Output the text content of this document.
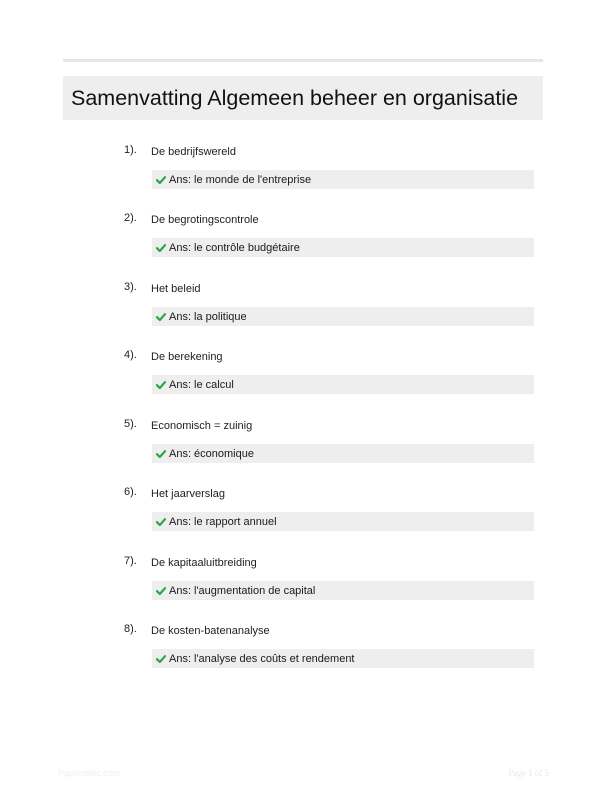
Samenvatting Algemeen beheer en organisatie
1). De bedrijfswereld
Ans: le monde de l'entreprise
2). De begrotingscontrole
Ans: le contrôle budgétaire
3). Het beleid
Ans: la politique
4). De berekening
Ans: le calcul
5). Economisch = zuinig
Ans: économique
6). Het jaarverslag
Ans: le rapport annuel
7). De kapitaaluitbreiding
Ans: l'augmentation de capital
8). De kosten-batenanalyse
Ans: l'analyse des coûts et rendement
Paperdibic.com	Page 1 of 5
